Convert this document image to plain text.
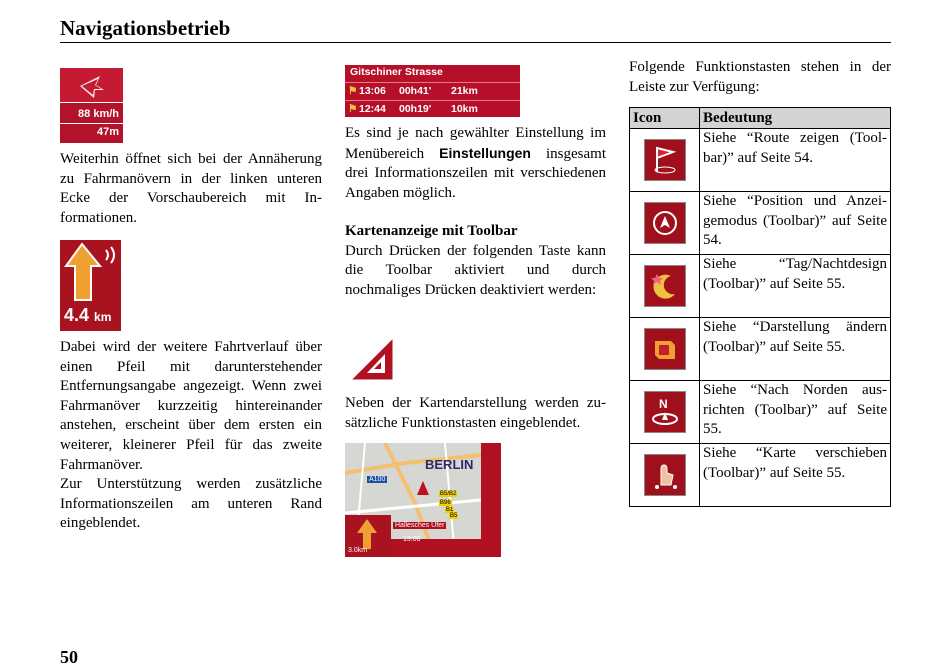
Navigationsbetrieb
88 km/h
47m

Weiterhin öffnet sich bei der Annäherung zu Fahrmanövern in der linken unteren Ecke der Vorschaubereich mit Informationen.

4.4 km

Dabei wird der weitere Fahrtverlauf über einen Pfeil mit darunterstehender Entfernungsangabe angezeigt. Wenn zwei Fahrmanöver kurzzeitig hintereinander anstehen, erscheint über dem ersten ein weiterer, kleinerer Pfeil für das zweite Fahrmanöver.

Zur Unterstützung werden zusätzliche Informationszeilen am unteren Rand eingeblendet.

Gitschiner Strasse
⚑ 13:06 00h41' 21km
⚑ 12:44 00h19' 10km

Es sind je nach gewählter Einstellung im Menübereich Einstellungen insgesamt drei Informationszeilen mit verschiedenen Angaben möglich.

Kartenanzeige mit Toolbar

Durch Drücken der folgenden Taste kann die Toolbar aktiviert und durch nochmaliges Drücken deaktiviert werden:

Neben der Kartendarstellung werden zusätzliche Funktionstasten eingeblendet.

BERLIN
A100
B5/B2
B96
B1
B5
Hallesches Ufer
13:08
3.0km

Folgende Funktionstasten stehen in der Leiste zur Verfügung:

Icon	Bedeutung

	Siehe “Route zeigen (Toolbar)” auf Seite 54.

	Siehe “Position und Anzeigemodus (Toolbar)” auf Seite 54.

	Siehe “Tag/Nachtdesign (Toolbar)” auf Seite 55.

	Siehe “Darstellung ändern (Toolbar)” auf Seite 55.

N	Siehe “Nach Norden ausrichten (Toolbar)” auf Seite 55.

	Siehe “Karte verschieben (Toolbar)” auf Seite 55.
50
